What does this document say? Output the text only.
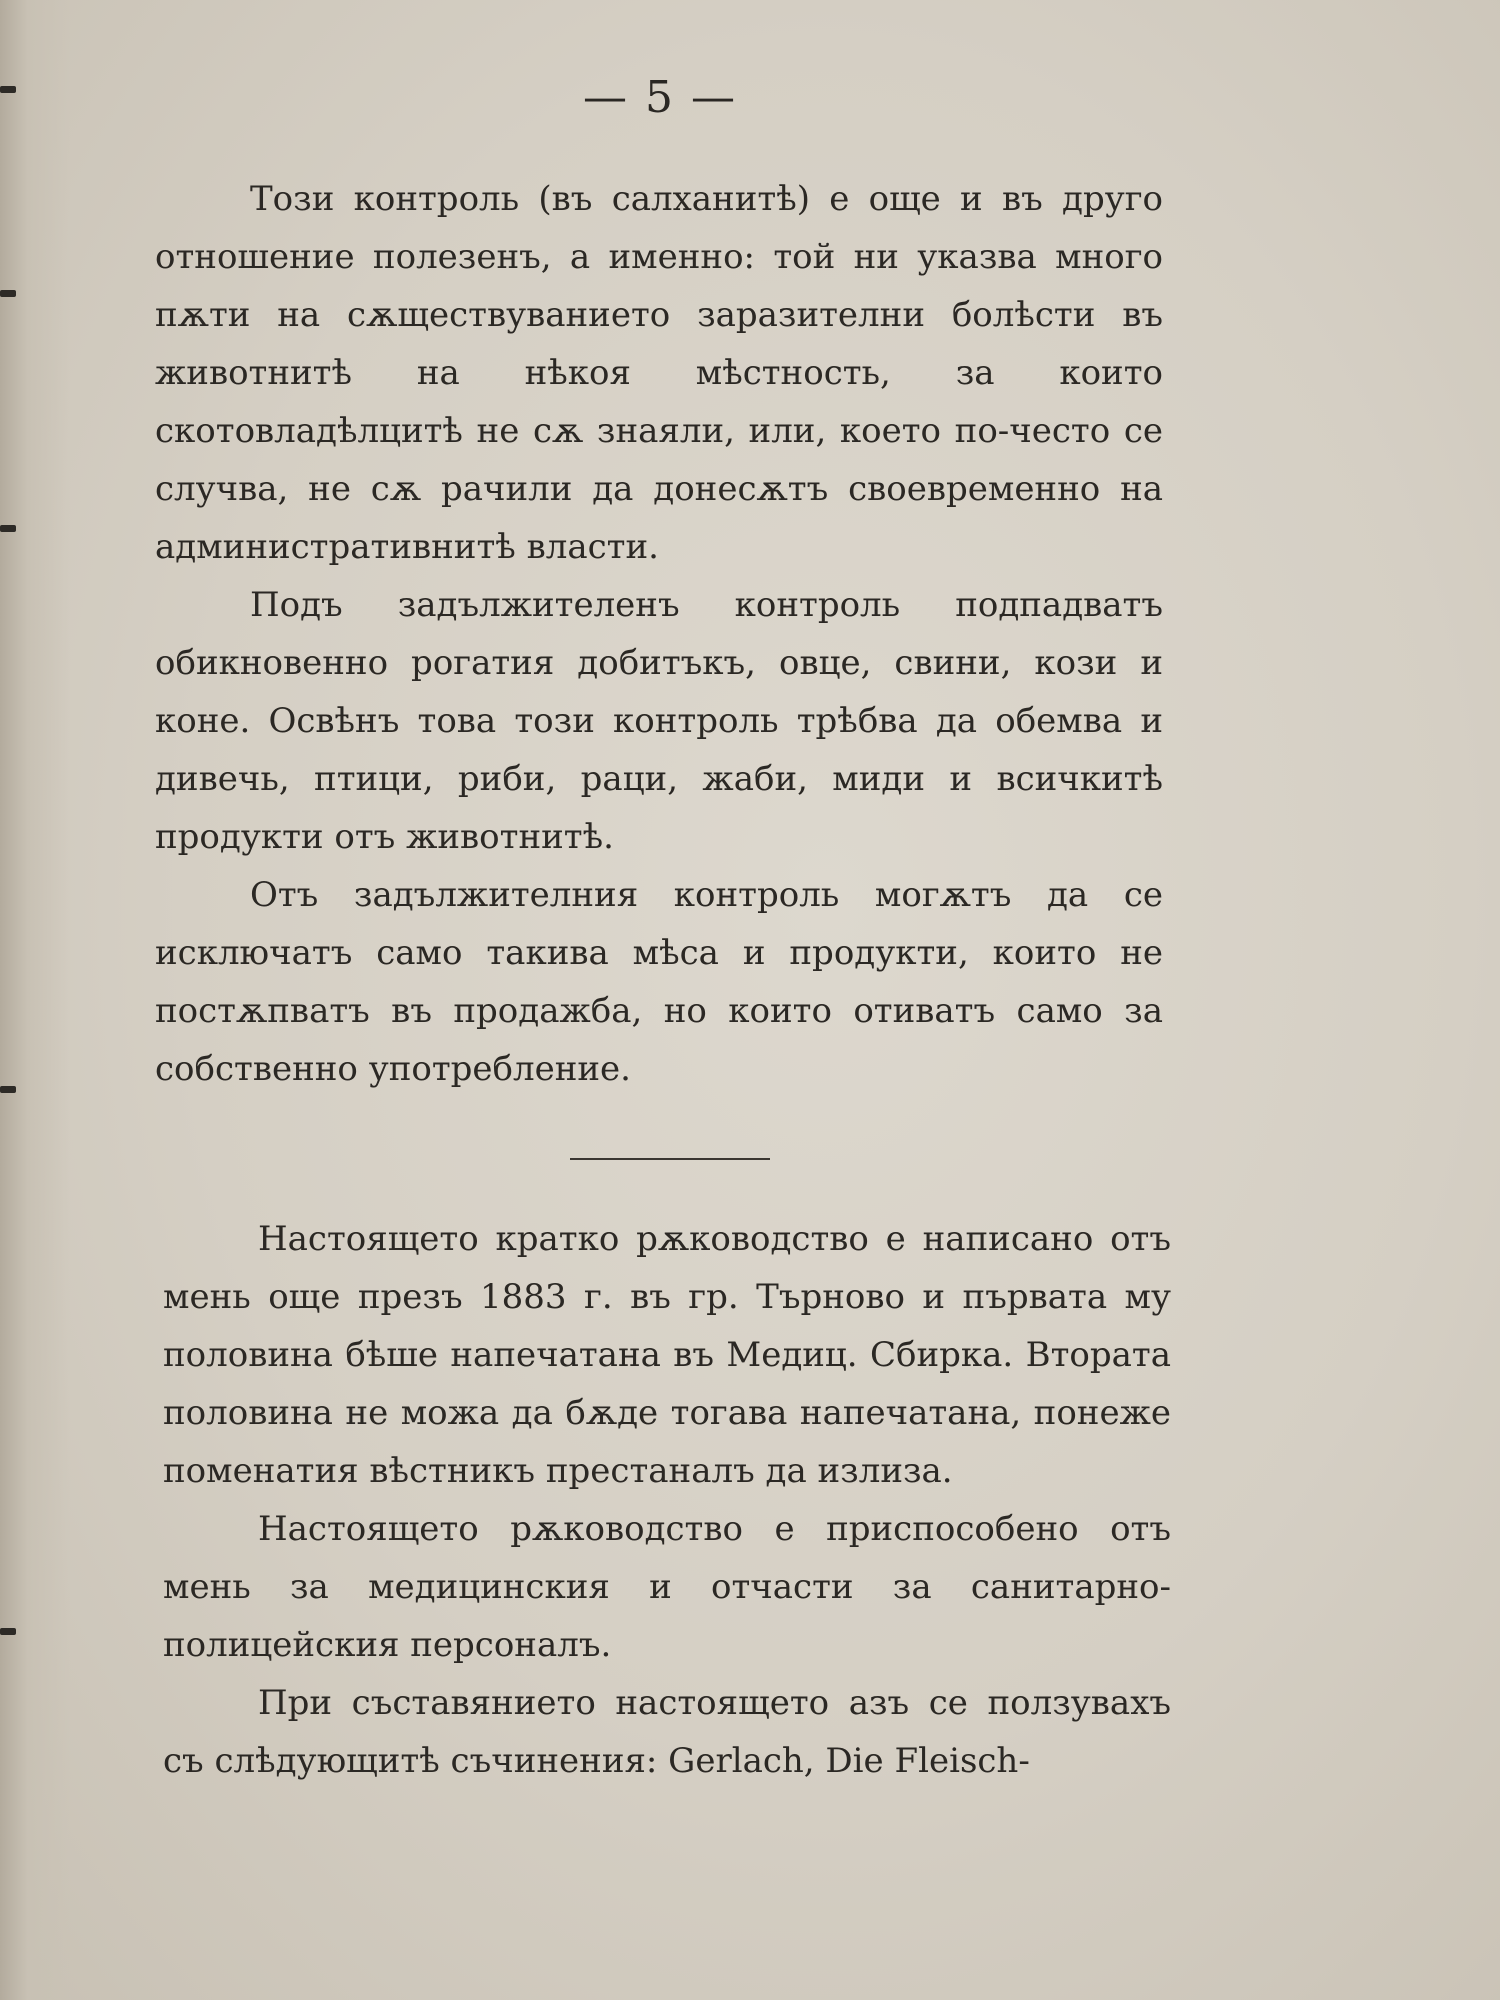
— 5 —

Този контроль (въ салханитѣ) е още и въ друго отношение полезенъ, а именно: той ни указва много пѫти на сѫществуванието заразителни болѣсти въ животнитѣ на нѣкоя мѣстность, за които скотовладѣлцитѣ не сѫ знаяли, или, което по-често се случва, не сѫ рачили да донесѫтъ своевременно на административнитѣ власти.

Подъ задължителенъ контроль подпадватъ обикновенно рогатия добитъкъ, овце, свини, кози и коне. Освѣнъ това този контроль трѣбва да обемва и дивечь, птици, риби, раци, жаби, миди и всичкитѣ продукти отъ животнитѣ.

Отъ задължителния контроль могѫтъ да се исключатъ само такива мѣса и продукти, които не постѫпватъ въ продажба, но които отиватъ само за собственно употребление.

Настоящето кратко рѫководство е написано отъ мень още презъ 1883 г. въ гр. Търново и първата му половина бѣше напечатана въ Медиц. Сбирка. Втората половина не можа да бѫде тогава напечатана, понеже поменатия вѣстникъ престаналъ да излиза.

Настоящето рѫководство е приспособено отъ мень за медицинския и отчасти за санитарно-полицейския персоналъ.

При съставянието настоящето азъ се ползувахъ съ слѣдующитѣ съчинения: Gerlach, Die Fleisch-
